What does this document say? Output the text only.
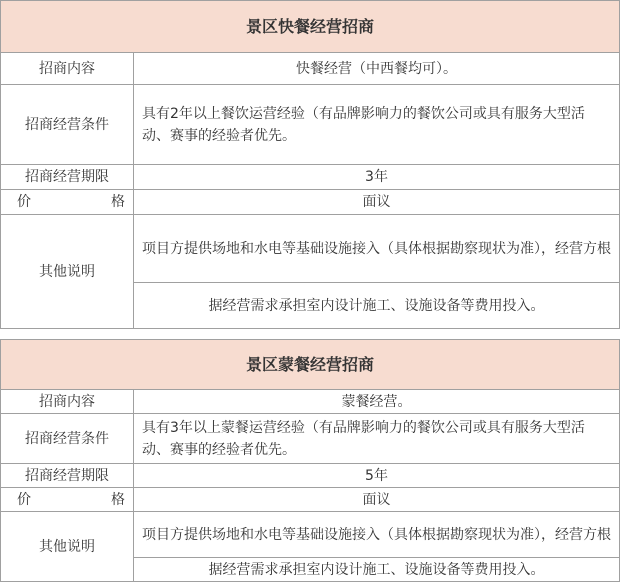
景区快餐经营招商	
招商内容	快餐经营（中西餐均可）。
招商经营条件	具有2年以上餐饮运营经验（有品牌影响力的餐饮公司或具有服务大型活动、赛事的经验者优先。
招商经营期限	3年

价 格	面议
其他说明	项目方提供场地和水电等基础设施接入（具体根据勘察现状为准），经营方根
	据经营需求承担室内设计施工、设施设备等费用投入。
景区蒙餐经营招商	
招商内容	蒙餐经营。
招商经营条件	具有3年以上蒙餐运营经验（有品牌影响力的餐饮公司或具有服务大型活动、赛事的经验者优先。
招商经营期限	5年

价 格	面议
其他说明	项目方提供场地和水电等基础设施接入（具体根据勘察现状为准），经营方根
	据经营需求承担室内设计施工、设施设备等费用投入。
